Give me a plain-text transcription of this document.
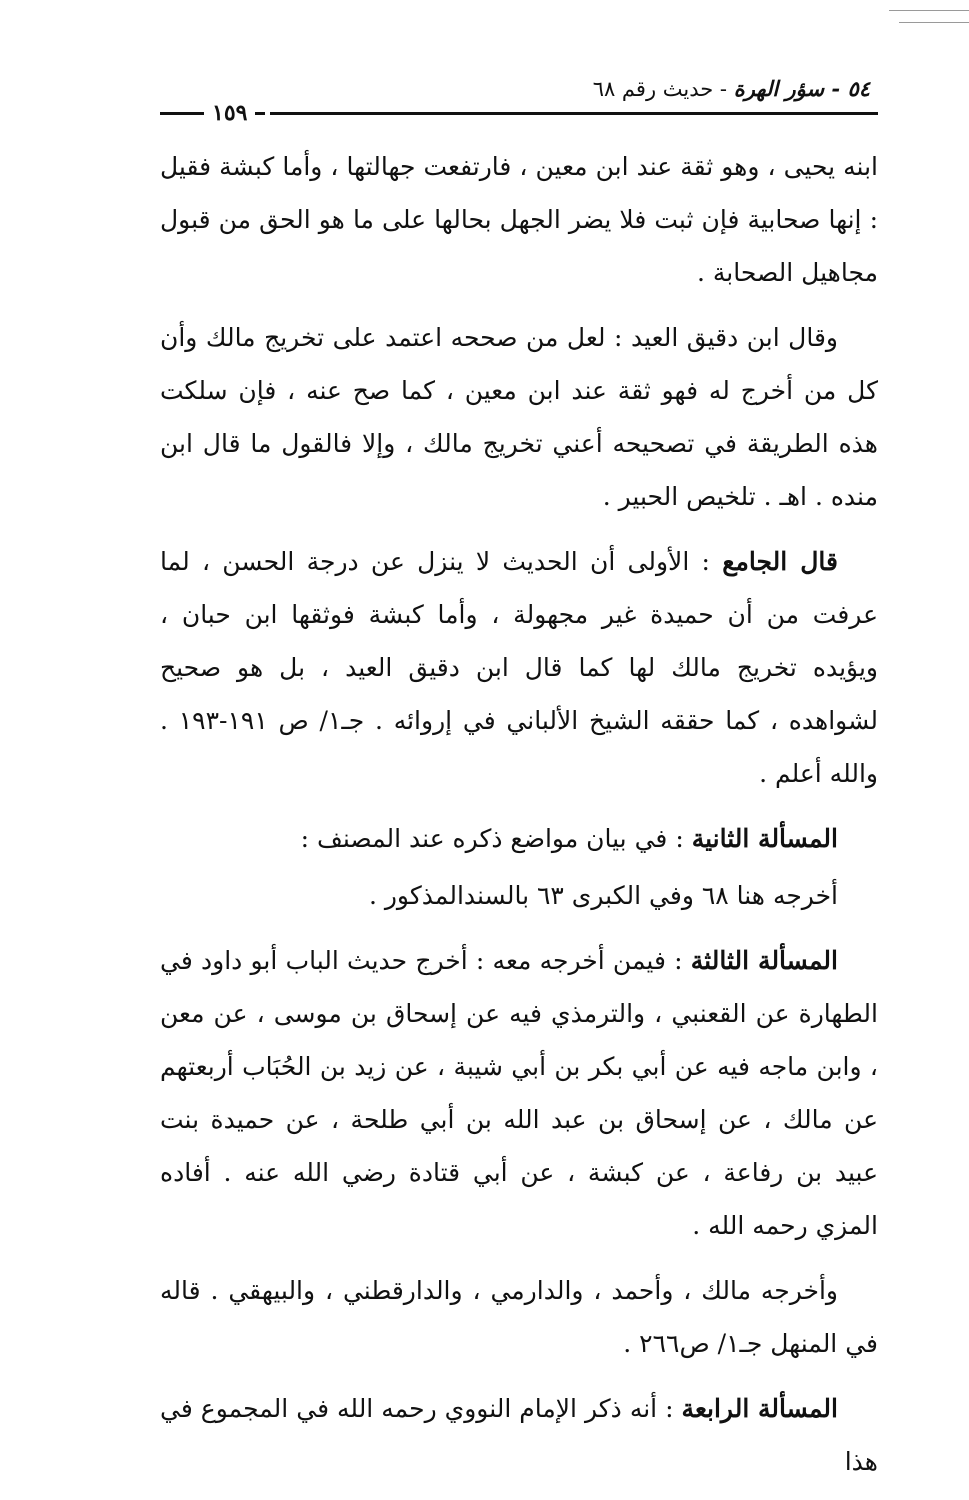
٥٤ - سؤر الهرة - حديث رقم ٦٨
١٥٩

ابنه يحيى ، وهو ثقة عند ابن معين ، فارتفعت جهالتها ، وأما كبشة فقيل : إنها صحابية فإن ثبت فلا يضر الجهل بحالها على ما هو الحق من قبول مجاهيل الصحابة .

وقال ابن دقيق العيد : لعل من صححه اعتمد على تخريج مالك وأن كل من أخرج له فهو ثقة عند ابن معين ، كما صح عنه ، فإن سلكت هذه الطريقة في تصحيحه أعني تخريج مالك ، وإلا فالقول ما قال ابن منده . اهـ . تلخيص الحبير .

قال الجامع : الأولى أن الحديث لا ينزل عن درجة الحسن ، لما عرفت من أن حميدة غير مجهولة ، وأما كبشة فوثقها ابن حبان ، ويؤيده تخريج مالك لها كما قال ابن دقيق العيد ، بل هو صحيح لشواهده ، كما حققه الشيخ الألباني في إروائه . جـ١/ ص ١٩١-١٩٣ . والله أعلم .

المسألة الثانية : في بيان مواضع ذكره عند المصنف :

أخرجه هنا ٦٨ وفي الكبرى ٦٣ بالسندالمذكور .

المسألة الثالثة : فيمن أخرجه معه : أخرج حديث الباب أبو داود في الطهارة عن القعنبي ، والترمذي فيه عن إسحاق بن موسى ، عن معن ، وابن ماجه فيه عن أبي بكر بن أبي شيبة ، عن زيد بن الحُبَاب أربعتهم عن مالك ، عن إسحاق بن عبد الله بن أبي طلحة ، عن حميدة بنت عبيد بن رفاعة ، عن كبشة ، عن أبي قتادة رضي الله عنه . أفاده المزي رحمه الله .

وأخرجه مالك ، وأحمد ، والدارمي ، والدارقطني ، والبيهقي . قاله في المنهل جـ١/ ص٢٦٦ .

المسألة الرابعة : أنه ذكر الإمام النووي رحمه الله في المجموع في هذا
